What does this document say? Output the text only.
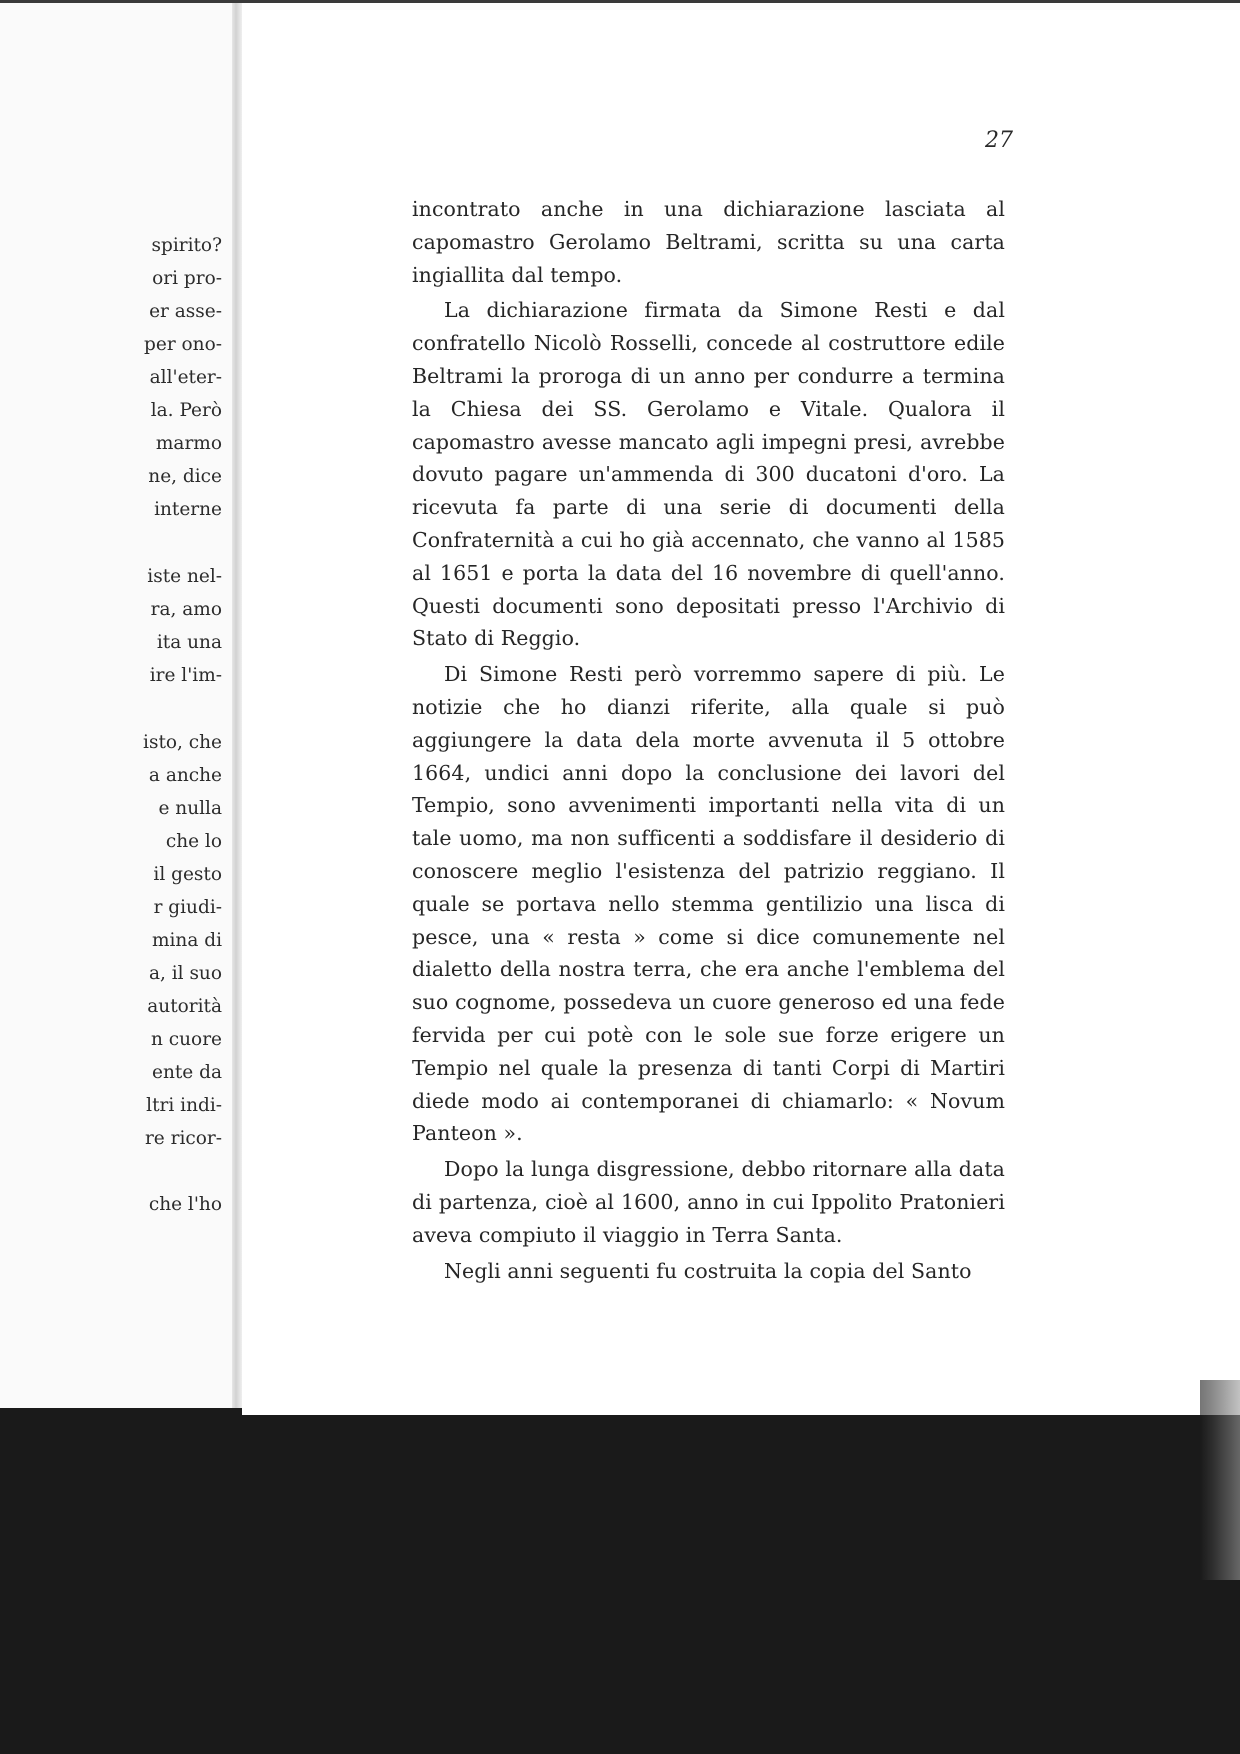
spirito?
ori pro-
er asse-
per ono-
all'eter-
la. Però
marmo
ne, dice
interne
iste nel-
ra, amo
ita una
ire l'im-
isto, che
a anche
e nulla
che lo
il gesto
r giudi-
mina di
a, il suo
autorità
n cuore
ente da
ltri indi-
re ricor-
che l'ho
27

incontrato anche in una dichiarazione lasciata al capomastro Gerolamo Beltrami, scritta su una carta ingiallita dal tempo.

La dichiarazione firmata da Simone Resti e dal confratello Nicolò Rosselli, concede al costruttore edile Beltrami la proroga di un anno per condurre a termina la Chiesa dei SS. Gerolamo e Vitale. Qualora il capomastro avesse mancato agli impegni presi, avrebbe dovuto pagare un'ammenda di 300 ducatoni d'oro. La ricevuta fa parte di una serie di documenti della Confraternità a cui ho già accennato, che vanno al 1585 al 1651 e porta la data del 16 novembre di quell'anno. Questi documenti sono depositati presso l'Archivio di Stato di Reggio.

Di Simone Resti però vorremmo sapere di più. Le notizie che ho dianzi riferite, alla quale si può aggiungere la data dela morte avvenuta il 5 ottobre 1664, undici anni dopo la conclusione dei lavori del Tempio, sono avvenimenti importanti nella vita di un tale uomo, ma non sufficenti a soddisfare il desiderio di conoscere meglio l'esistenza del patrizio reggiano. Il quale se portava nello stemma gentilizio una lisca di pesce, una « resta » come si dice comunemente nel dialetto della nostra terra, che era anche l'emblema del suo cognome, possedeva un cuore generoso ed una fede fervida per cui potè con le sole sue forze erigere un Tempio nel quale la presenza di tanti Corpi di Martiri diede modo ai contemporanei di chiamarlo: « Novum Panteon ».

Dopo la lunga disgressione, debbo ritornare alla data di partenza, cioè al 1600, anno in cui Ippolito Pratonieri aveva compiuto il viaggio in Terra Santa.

Negli anni seguenti fu costruita la copia del Santo
